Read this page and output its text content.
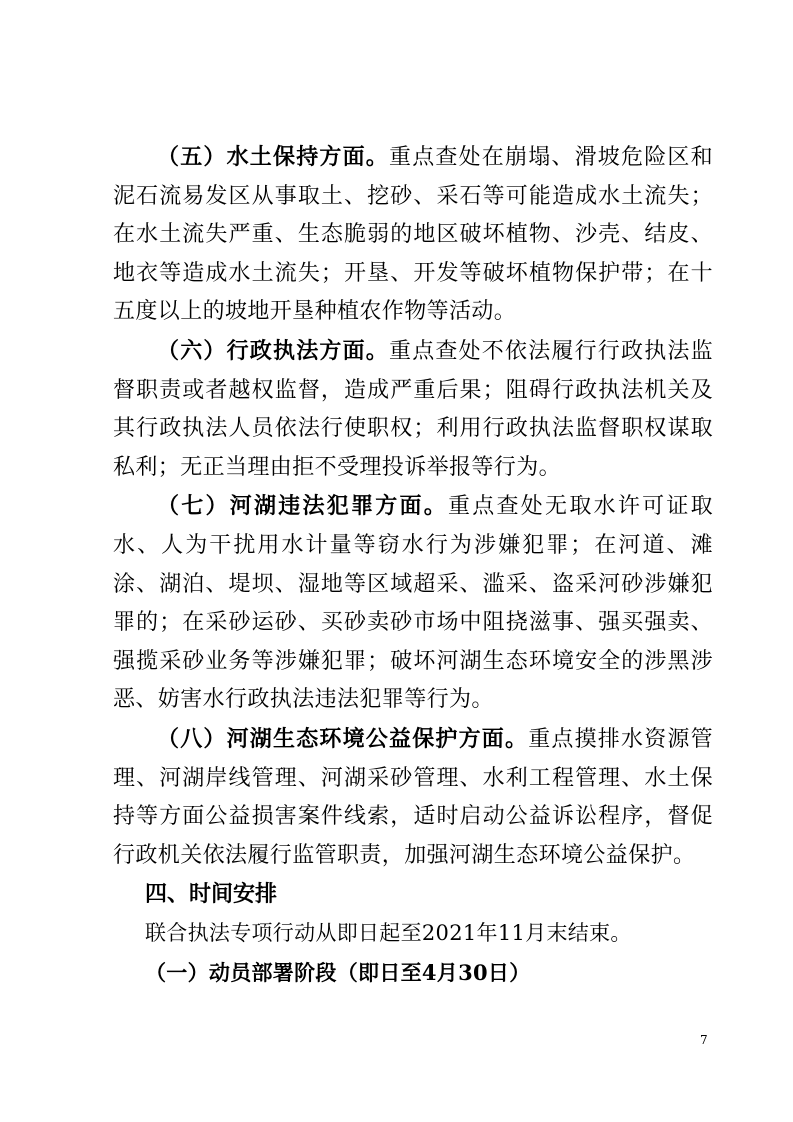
（五）水土保持方面。重点查处在崩塌、滑坡危险区和泥石流易发区从事取土、挖砂、采石等可能造成水土流失；在水土流失严重、生态脆弱的地区破坏植物、沙壳、结皮、地衣等造成水土流失；开垦、开发等破坏植物保护带；在十五度以上的坡地开垦种植农作物等活动。

（六）行政执法方面。重点查处不依法履行行政执法监督职责或者越权监督，造成严重后果；阻碍行政执法机关及其行政执法人员依法行使职权；利用行政执法监督职权谋取私利；无正当理由拒不受理投诉举报等行为。

（七）河湖违法犯罪方面。重点查处无取水许可证取水、人为干扰用水计量等窃水行为涉嫌犯罪；在河道、滩涂、湖泊、堤坝、湿地等区域超采、滥采、盗采河砂涉嫌犯罪的；在采砂运砂、买砂卖砂市场中阻挠滋事、强买强卖、强揽采砂业务等涉嫌犯罪；破坏河湖生态环境安全的涉黑涉恶、妨害水行政执法违法犯罪等行为。

（八）河湖生态环境公益保护方面。重点摸排水资源管理、河湖岸线管理、河湖采砂管理、水利工程管理、水土保持等方面公益损害案件线索，适时启动公益诉讼程序，督促行政机关依法履行监管职责，加强河湖生态环境公益保护。

四、时间安排

联合执法专项行动从即日起至2021年11月末结束。

（一）动员部署阶段（即日至4月30日）

7
